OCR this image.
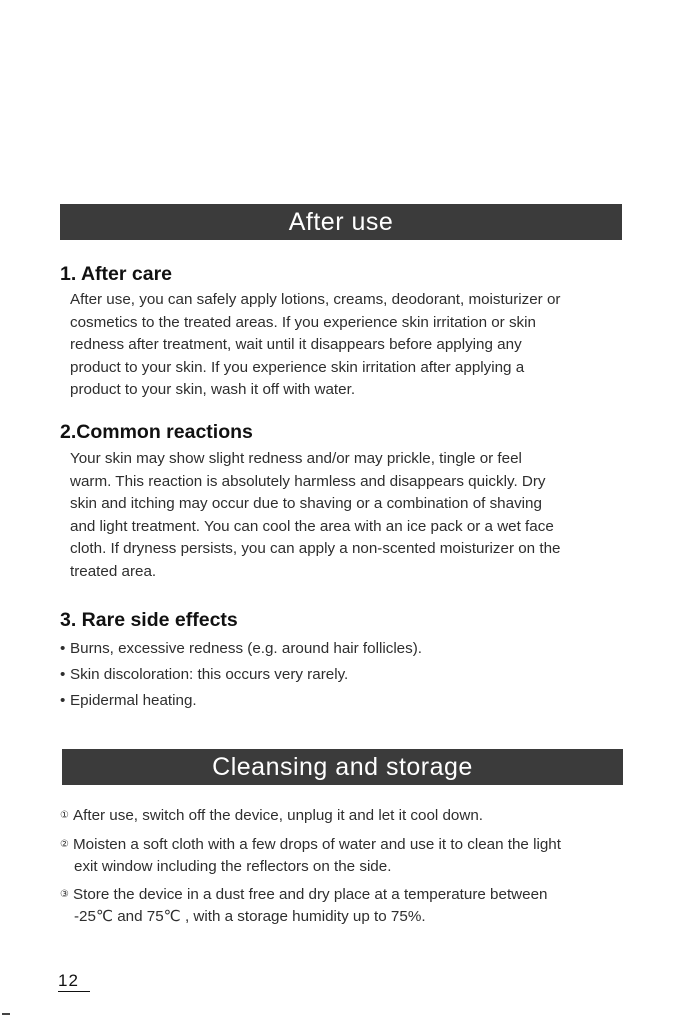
After use
1. After care
After use, you can safely apply lotions, creams, deodorant, moisturizer or
cosmetics to the treated areas. If you experience skin irritation or skin
redness after treatment, wait until it disappears before applying any
product to your skin. If you experience skin irritation after applying a
product to your skin, wash it off with water.
2.Common reactions
Your skin may show slight redness and/or may prickle, tingle or feel
warm. This reaction is absolutely harmless and disappears quickly. Dry
skin and itching may occur due to shaving or a combination of shaving
and light treatment. You can cool the area with an ice pack or a wet face
cloth. If dryness persists, you can apply a non-scented moisturizer on the
treated area.
3. Rare side effects

• Burns, excessive redness (e.g. around hair follicles).

• Skin discoloration: this occurs very rarely.

• Epidermal heating.

Cleansing and storage

① After use, switch off the device, unplug it and let it cool down.

② Moisten a soft cloth with a few drops of water and use it to clean the light
exit window including the reflectors on the side.

③ Store the device in a dust free and dry place at a temperature between
-25℃ and 75℃ , with a storage humidity up to 75%.

12
